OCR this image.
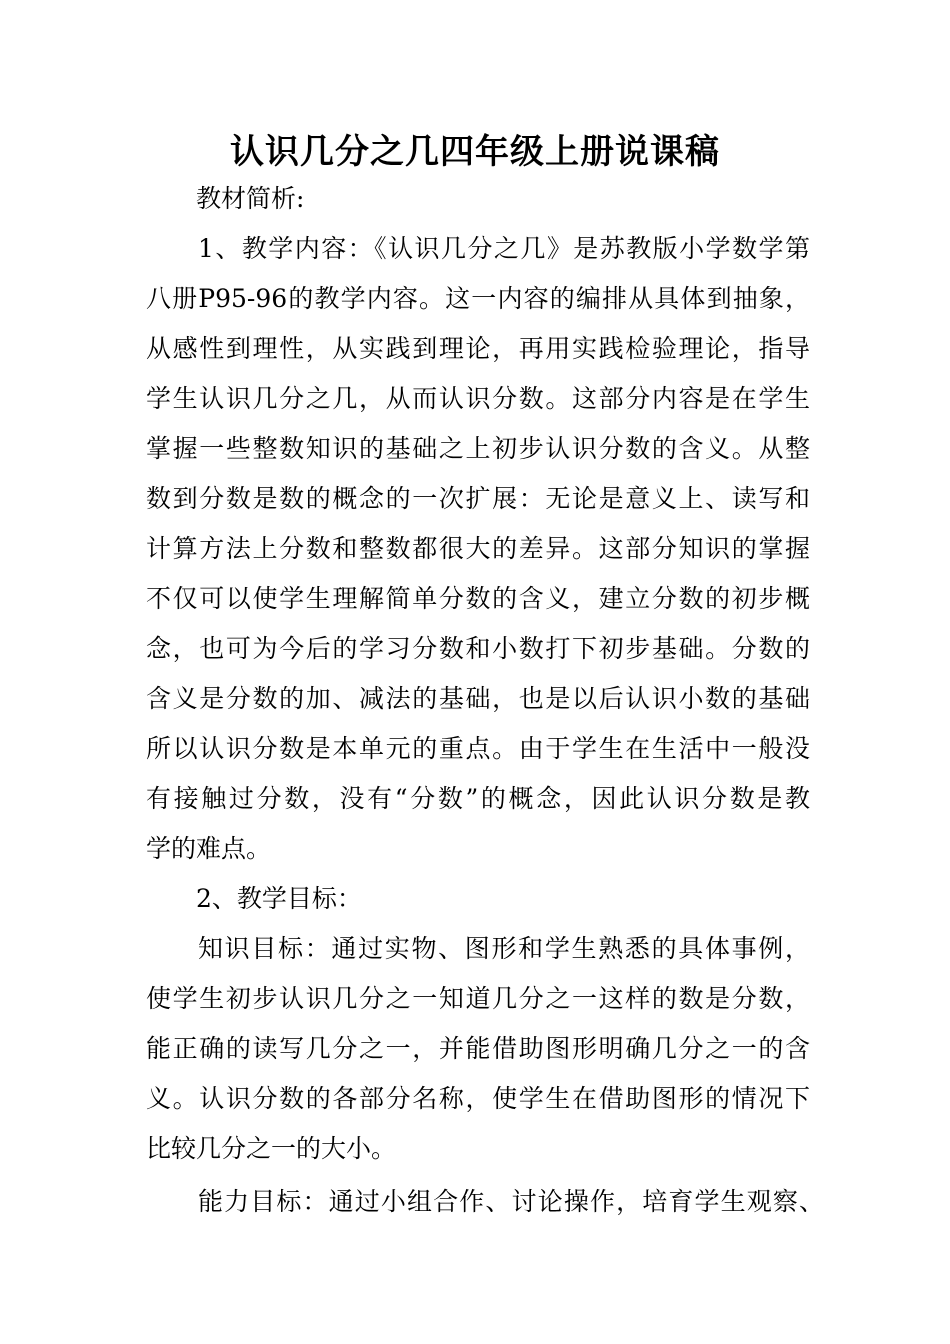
认识几分之几四年级上册说课稿
教材简析:
1、教学内容：《认识几分之几》是苏教版小学数学第
八册P95-96的教学内容。这一内容的编排从具体到抽象，
从感性到理性，从实践到理论，再用实践检验理论，指导
学生认识几分之几，从而认识分数。这部分内容是在学生
掌握一些整数知识的基础之上初步认识分数的含义。从整
数到分数是数的概念的一次扩展：无论是意义上、读写和
计算方法上分数和整数都很大的差异。这部分知识的掌握
不仅可以使学生理解简单分数的含义，建立分数的初步概
念，也可为今后的学习分数和小数打下初步基础。分数的
含义是分数的加、减法的基础，也是以后认识小数的基础
所以认识分数是本单元的重点。由于学生在生活中一般没
有接触过分数，没有“分数”的概念，因此认识分数是教
学的难点。
2、教学目标：
知识目标：通过实物、图形和学生熟悉的具体事例，
使学生初步认识几分之一知道几分之一这样的数是分数，
能正确的读写几分之一，并能借助图形明确几分之一的含
义。认识分数的各部分名称，使学生在借助图形的情况下
比较几分之一的大小。
能力目标：通过小组合作、讨论操作，培育学生观察、
